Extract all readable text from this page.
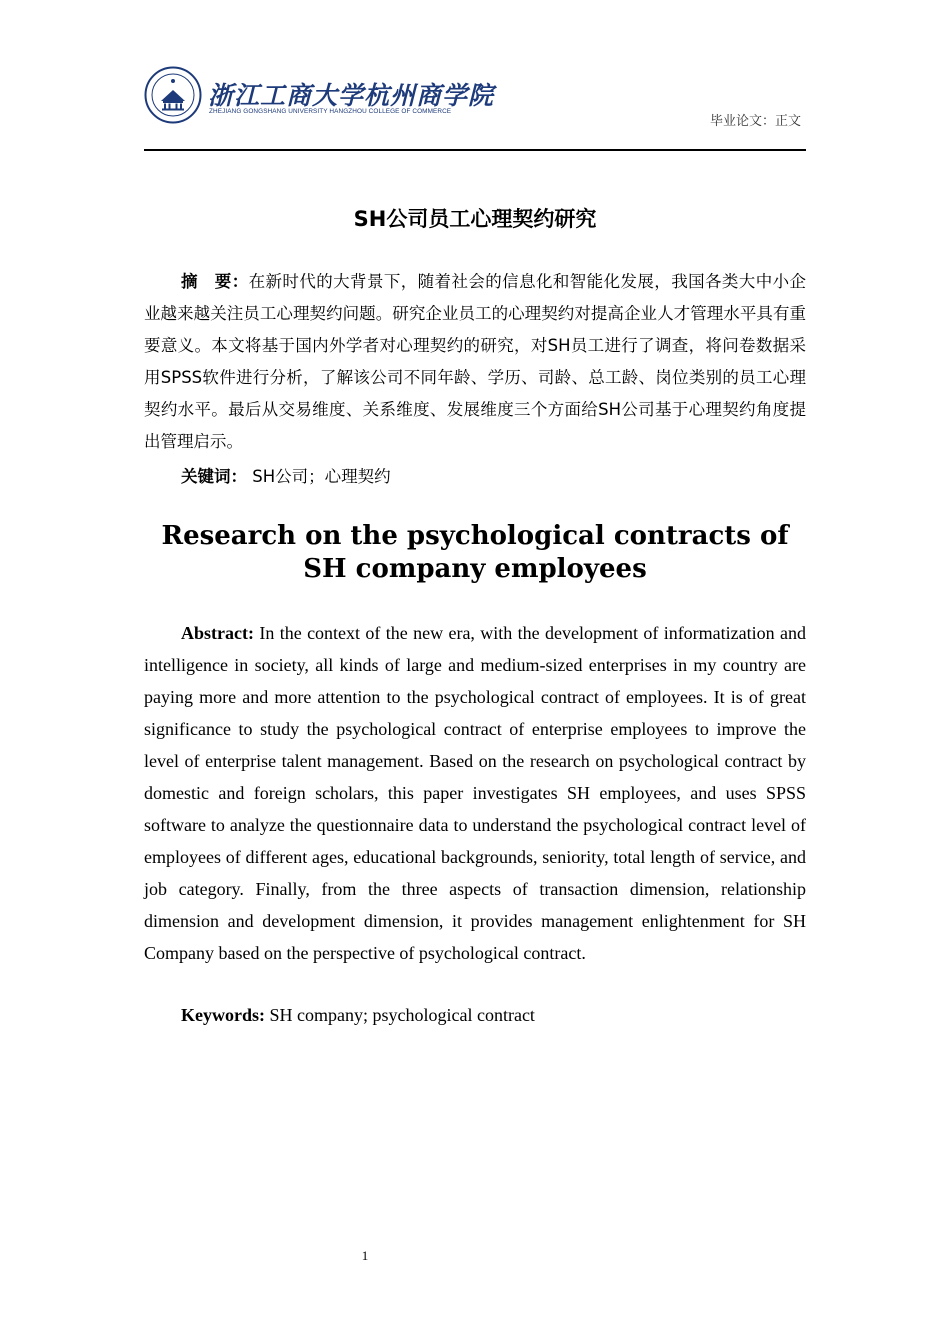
浙江工商大学杭州商学院
ZHEJIANG GONGSHANG UNIVERSITY HANGZHOU COLLEGE OF COMMERCE
毕业论文：正文
SH公司员工心理契约研究

摘　要：在新时代的大背景下，随着社会的信息化和智能化发展，我国各类大中小企业越来越关注员工心理契约问题。研究企业员工的心理契约对提高企业人才管理水平具有重要意义。本文将基于国内外学者对心理契约的研究，对SH员工进行了调查，将问卷数据采用SPSS软件进行分析，了解该公司不同年龄、学历、司龄、总工龄、岗位类别的员工心理契约水平。最后从交易维度、关系维度、发展维度三个方面给SH公司基于心理契约角度提出管理启示。

关键词： SH公司；心理契约
Research on the psychological contracts of SH company employees

Abstract: In the context of the new era, with the development of informatization and intelligence in society, all kinds of large and medium-sized enterprises in my country are paying more and more attention to the psychological contract of employees. It is of great significance to study the psychological contract of enterprise employees to improve the level of enterprise talent management. Based on the research on psychological contract by domestic and foreign scholars, this paper investigates SH employees, and uses SPSS software to analyze the questionnaire data to understand the psychological contract level of employees of different ages, educational backgrounds, seniority, total length of service, and job category. Finally, from the three aspects of transaction dimension, relationship dimension and development dimension, it provides management enlightenment for SH Company based on the perspective of psychological contract.

Keywords: SH company; psychological contract
1
